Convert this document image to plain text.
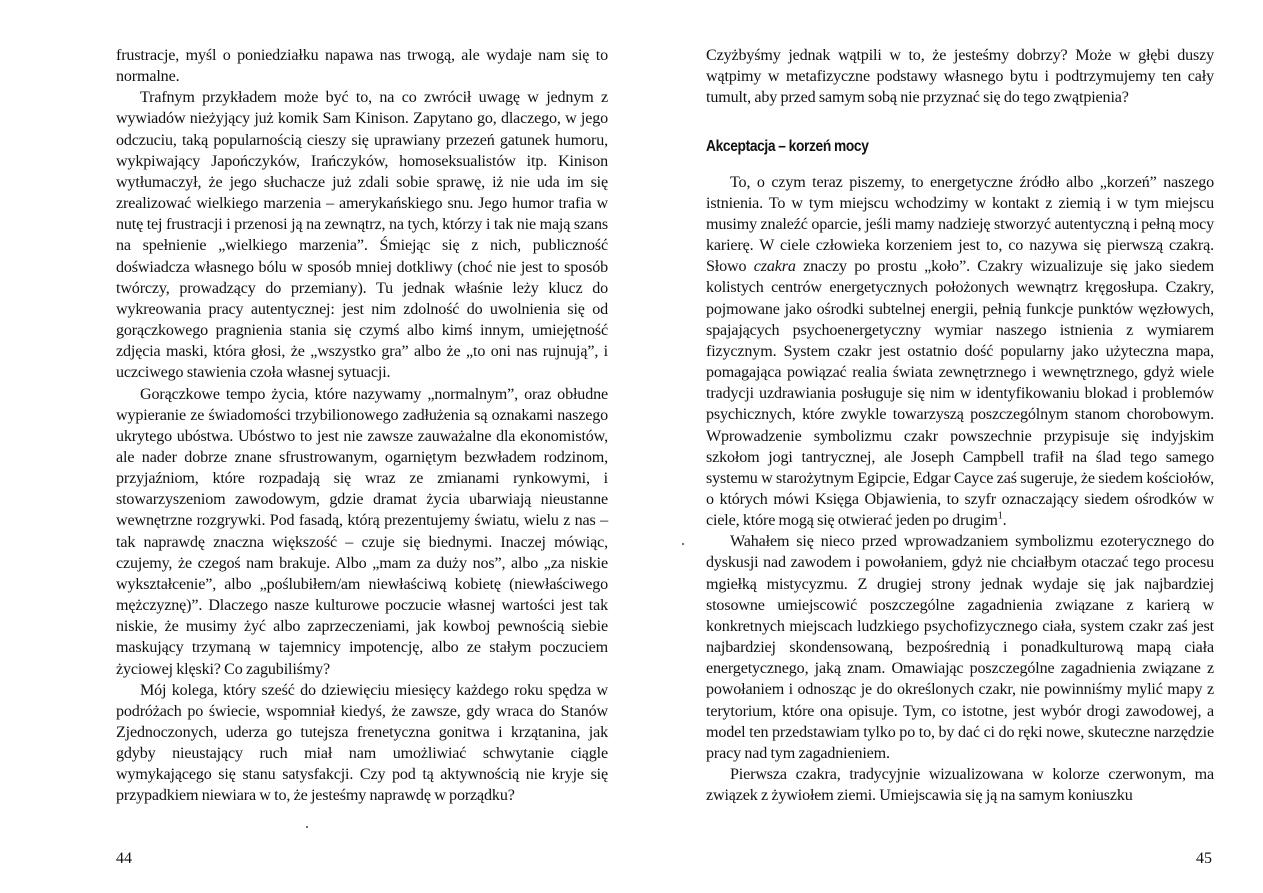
frustracje, myśl o poniedziałku napawa nas trwogą, ale wydaje nam się to normalne.

Trafnym przykładem może być to, na co zwrócił uwagę w jednym z wywiadów nieżyjący już komik Sam Kinison. Zapytano go, dlaczego, w jego odczuciu, taką popularnością cieszy się uprawiany przezeń gatunek humoru, wykpiwający Japończyków, Irańczyków, homoseksualistów itp. Kinison wytłumaczył, że jego słuchacze już zdali sobie sprawę, iż nie uda im się zrealizować wielkiego marzenia – amerykańskiego snu. Jego humor trafia w nutę tej frustracji i przenosi ją na zewnątrz, na tych, którzy i tak nie mają szans na spełnienie „wielkiego marzenia”. Śmiejąc się z nich, publiczność doświadcza własnego bólu w sposób mniej dotkliwy (choć nie jest to sposób twórczy, prowadzący do przemiany). Tu jednak właśnie leży klucz do wykreowania pracy autentycznej: jest nim zdolność do uwolnienia się od gorączkowego pragnienia stania się czymś albo kimś innym, umiejętność zdjęcia maski, która głosi, że „wszystko gra” albo że „to oni nas rujnują”, i uczciwego stawienia czoła własnej sytuacji.

Gorączkowe tempo życia, które nazywamy „normalnym”, oraz obłudne wypieranie ze świadomości trzybilionowego zadłużenia są oznakami naszego ukrytego ubóstwa. Ubóstwo to jest nie zawsze zauważalne dla ekonomistów, ale nader dobrze znane sfrustrowanym, ogarniętym bezwładem rodzinom, przyjaźniom, które rozpadają się wraz ze zmianami rynkowymi, i stowarzyszeniom zawodowym, gdzie dramat życia ubarwiają nieustanne wewnętrzne rozgrywki. Pod fasadą, którą prezentujemy światu, wielu z nas – tak naprawdę znaczna większość – czuje się biednymi. Inaczej mówiąc, czujemy, że czegoś nam brakuje. Albo „mam za duży nos”, albo „za niskie wykształcenie”, albo „poślubiłem/am niewłaściwą kobietę (niewłaściwego mężczyznę)”. Dlaczego nasze kulturowe poczucie własnej wartości jest tak niskie, że musimy żyć albo zaprzeczeniami, jak kowboj pewnością siebie maskujący trzymaną w tajemnicy impotencję, albo ze stałym poczuciem życiowej klęski? Co zagubiliśmy?

Mój kolega, który sześć do dziewięciu miesięcy każdego roku spędza w podróżach po świecie, wspomniał kiedyś, że zawsze, gdy wraca do Stanów Zjednoczonych, uderza go tutejsza frenetyczna gonitwa i krzątanina, jak gdyby nieustający ruch miał nam umożliwiać schwytanie ciągle wymykającego się stanu satysfakcji. Czy pod tą aktywnością nie kryje się przypadkiem niewiara w to, że jesteśmy naprawdę w porządku?

44

Czyżbyśmy jednak wątpili w to, że jesteśmy dobrzy? Może w głębi duszy wątpimy w metafizyczne podstawy własnego bytu i podtrzymujemy ten cały tumult, aby przed samym sobą nie przyznać się do tego zwątpienia?

Akceptacja – korzeń mocy

To, o czym teraz piszemy, to energetyczne źródło albo „korzeń” naszego istnienia. To w tym miejscu wchodzimy w kontakt z ziemią i w tym miejscu musimy znaleźć oparcie, jeśli mamy nadzieję stworzyć autentyczną i pełną mocy karierę. W ciele człowieka korzeniem jest to, co nazywa się pierwszą czakrą. Słowo czakra znaczy po prostu „koło”. Czakry wizualizuje się jako siedem kolistych centrów energetycznych położonych wewnątrz kręgosłupa. Czakry, pojmowane jako ośrodki subtelnej energii, pełnią funkcje punktów węzłowych, spajających psychoenergetyczny wymiar naszego istnienia z wymiarem fizycznym. System czakr jest ostatnio dość popularny jako użyteczna mapa, pomagająca powiązać realia świata zewnętrznego i wewnętrznego, gdyż wiele tradycji uzdrawiania posługuje się nim w identyfikowaniu blokad i problemów psychicznych, które zwykle towarzyszą poszczególnym stanom chorobowym. Wprowadzenie symbolizmu czakr powszechnie przypisuje się indyjskim szkołom jogi tantrycznej, ale Joseph Campbell trafił na ślad tego samego systemu w starożytnym Egipcie, Edgar Cayce zaś sugeruje, że siedem kościołów, o których mówi Księga Objawienia, to szyfr oznaczający siedem ośrodków w ciele, które mogą się otwierać jeden po drugim$^1$.

Wahałem się nieco przed wprowadzaniem symbolizmu ezoterycznego do dyskusji nad zawodem i powołaniem, gdyż nie chciałbym otaczać tego procesu mgiełką mistycyzmu. Z drugiej strony jednak wydaje się jak najbardziej stosowne umiejscowić poszczególne zagadnienia związane z karierą w konkretnych miejscach ludzkiego psychofizycznego ciała, system czakr zaś jest najbardziej skondensowaną, bezpośrednią i ponadkulturową mapą ciała energetycznego, jaką znam. Omawiając poszczególne zagadnienia związane z powołaniem i odnosząc je do określonych czakr, nie powinniśmy mylić mapy z terytorium, które ona opisuje. Tym, co istotne, jest wybór drogi zawodowej, a model ten przedstawiam tylko po to, by dać ci do ręki nowe, skuteczne narzędzie pracy nad tym zagadnieniem.

Pierwsza czakra, tradycyjnie wizualizowana w kolorze czerwonym, ma związek z żywiołem ziemi. Umiejscawia się ją na samym koniuszku

45
